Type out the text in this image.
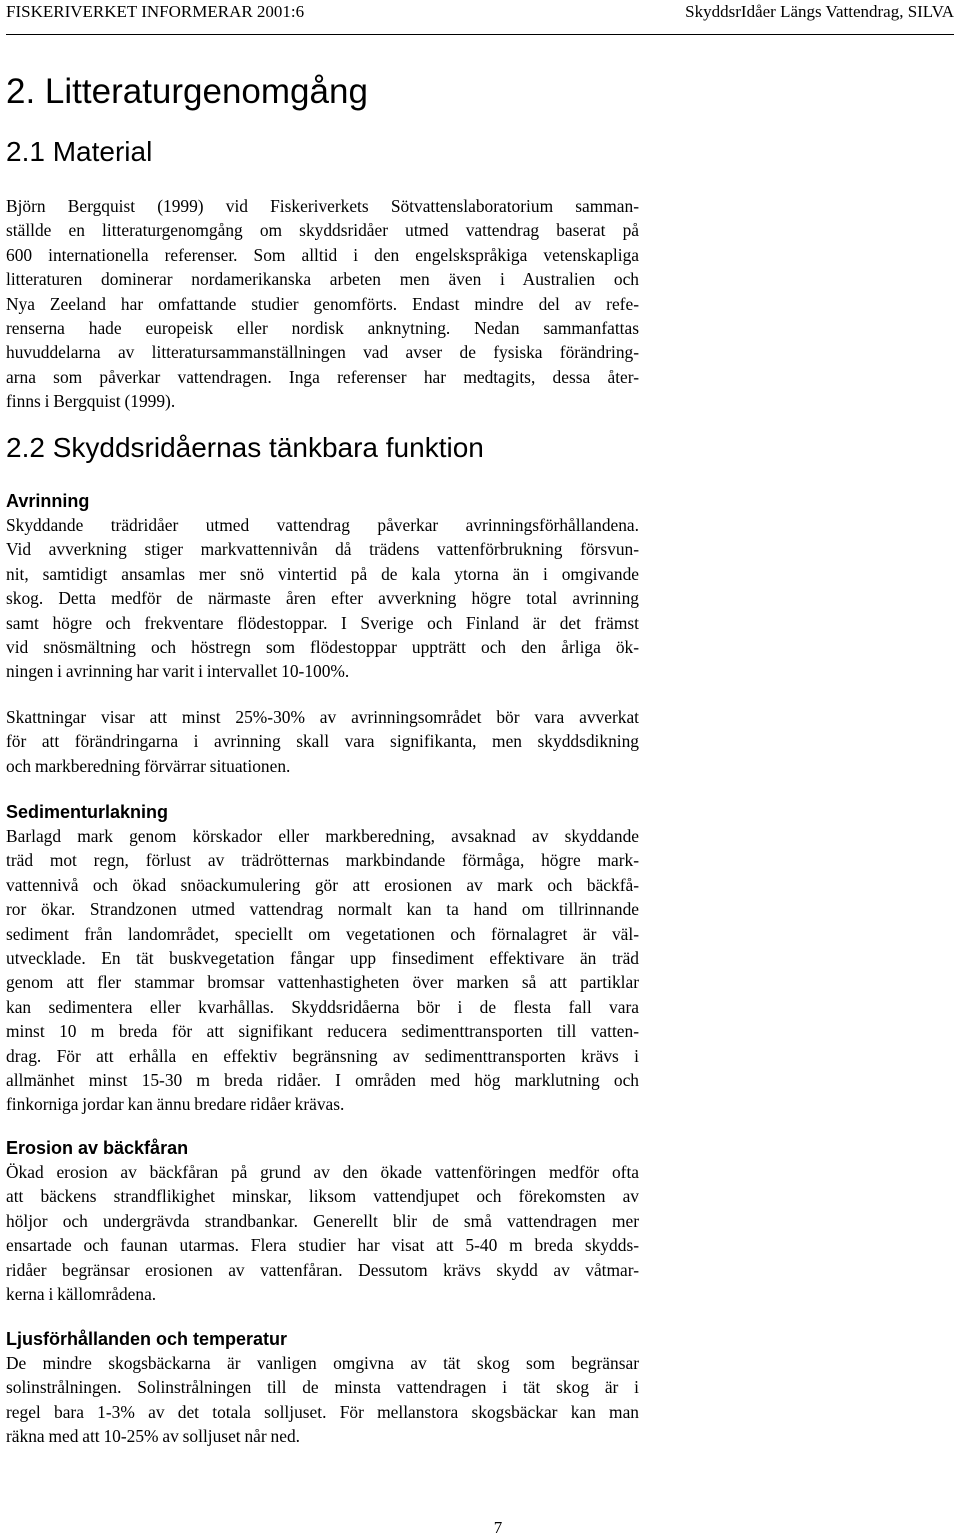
FISKERIVERKET INFORMERAR 2001:6	SkyddsrIdåer Längs Vattendrag, SILVA
2. Litteraturgenomgång
2.1 Material
Björn Bergquist (1999) vid Fiskeriverkets Sötvattenslaboratorium samman-
ställde en litteraturgenomgång om skyddsridåer utmed vattendrag baserat på
600 internationella referenser. Som alltid i den engelskspråkiga vetenskapliga
litteraturen dominerar nordamerikanska arbeten men även i Australien och
Nya Zeeland har omfattande studier genomförts. Endast mindre del av refe-
renserna hade europeisk eller nordisk anknytning. Nedan sammanfattas
huvuddelarna av litteratursammanställningen vad avser de fysiska förändring-
arna som påverkar vattendragen. Inga referenser har medtagits, dessa åter-
finns i Bergquist (1999).
2.2 Skyddsridåernas tänkbara funktion
Avrinning
Skyddande trädridåer utmed vattendrag påverkar avrinningsförhållandena.
Vid avverkning stiger markvattennivån då trädens vattenförbrukning försvun-
nit, samtidigt ansamlas mer snö vintertid på de kala ytorna än i omgivande
skog. Detta medför de närmaste åren efter avverkning högre total avrinning
samt högre och frekventare flödestoppar. I Sverige och Finland är det främst
vid snösmältning och höstregn som flödestoppar uppträtt och den årliga ök-
ningen i avrinning har varit i intervallet 10-100%.
Skattningar visar att minst 25%-30% av avrinningsområdet bör vara avverkat
för att förändringarna i avrinning skall vara signifikanta, men skyddsdikning
och markberedning förvärrar situationen.
Sedimenturlakning
Barlagd mark genom körskador eller markberedning, avsaknad av skyddande
träd mot regn, förlust av trädrötternas markbindande förmåga, högre mark-
vattennivå och ökad snöackumulering gör att erosionen av mark och bäckfå-
ror ökar. Strandzonen utmed vattendrag normalt kan ta hand om tillrinnande
sediment från landområdet, speciellt om vegetationen och förnalagret är väl-
utvecklade. En tät buskvegetation fångar upp finsediment effektivare än träd
genom att fler stammar bromsar vattenhastigheten över marken så att partiklar
kan sedimentera eller kvarhållas. Skyddsridåerna bör i de flesta fall vara
minst 10 m breda för att signifikant reducera sedimenttransporten till vatten-
drag. För att erhålla en effektiv begränsning av sedimenttransporten krävs i
allmänhet minst 15-30 m breda ridåer. I områden med hög marklutning och
finkorniga jordar kan ännu bredare ridåer krävas.
Erosion av bäckfåran
Ökad erosion av bäckfåran på grund av den ökade vattenföringen medför ofta
att bäckens strandflikighet minskar, liksom vattendjupet och förekomsten av
höljor och undergrävda strandbankar. Generellt blir de små vattendragen mer
ensartade och faunan utarmas. Flera studier har visat att 5-40 m breda skydds-
ridåer begränsar erosionen av vattenfåran. Dessutom krävs skydd av våtmar-
kerna i källområdena.
Ljusförhållanden och temperatur
De mindre skogsbäckarna är vanligen omgivna av tät skog som begränsar
solinstrålningen. Solinstrålningen till de minsta vattendragen i tät skog är i
regel bara 1-3% av det totala solljuset. För mellanstora skogsbäckar kan man
räkna med att 10-25% av solljuset når ned.
7
